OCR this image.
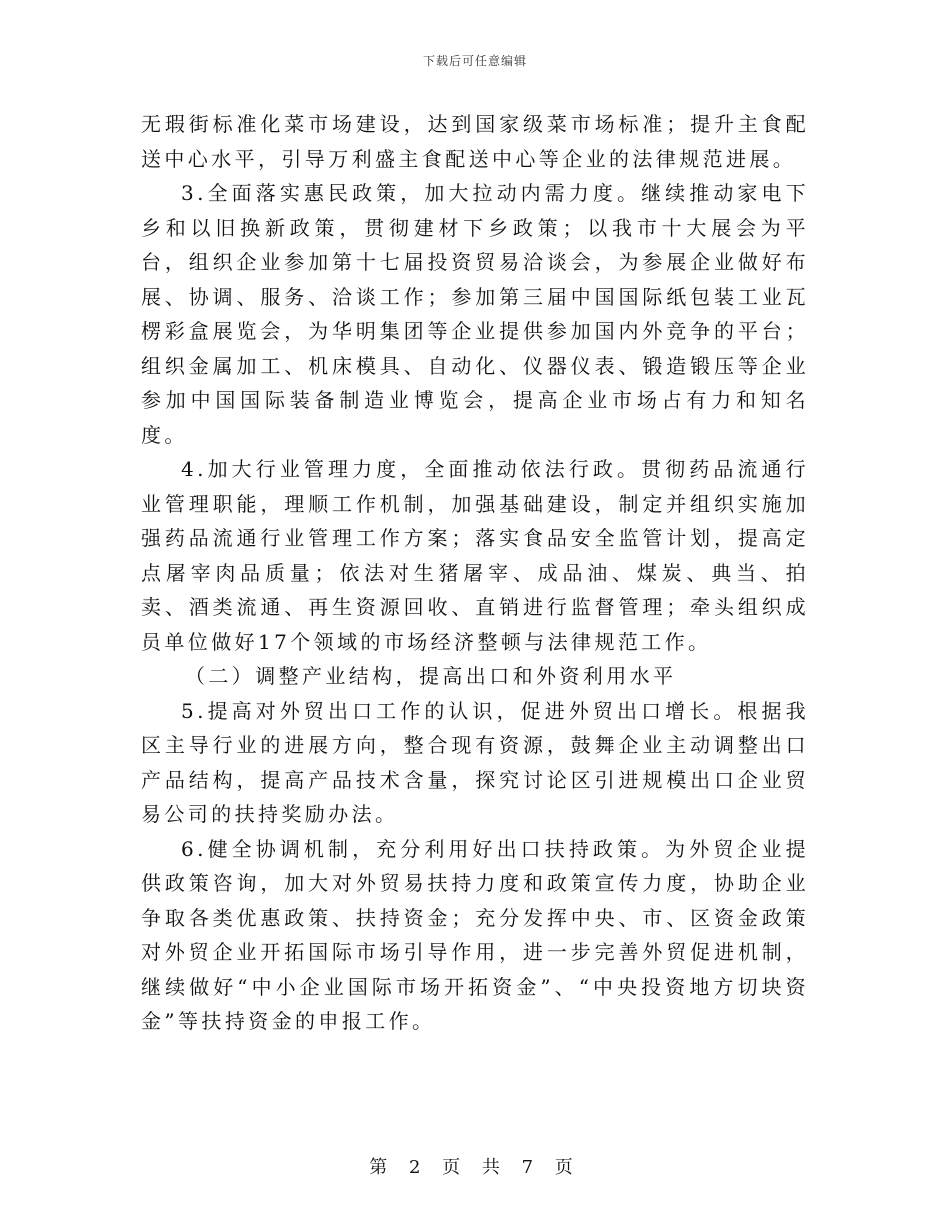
下载后可任意编辑

无瑕街标准化菜市场建设，达到国家级菜市场标准；提升主食配送中心水平，引导万利盛主食配送中心等企业的法律规范进展。

3.全面落实惠民政策，加大拉动内需力度。继续推动家电下乡和以旧换新政策，贯彻建材下乡政策；以我市十大展会为平台，组织企业参加第十七届投资贸易洽谈会，为参展企业做好布展、协调、服务、洽谈工作；参加第三届中国国际纸包装工业瓦楞彩盒展览会，为华明集团等企业提供参加国内外竞争的平台；组织金属加工、机床模具、自动化、仪器仪表、锻造锻压等企业参加中国国际装备制造业博览会，提高企业市场占有力和知名度。

4.加大行业管理力度，全面推动依法行政。贯彻药品流通行业管理职能，理顺工作机制，加强基础建设，制定并组织实施加强药品流通行业管理工作方案；落实食品安全监管计划，提高定点屠宰肉品质量；依法对生猪屠宰、成品油、煤炭、典当、拍卖、酒类流通、再生资源回收、直销进行监督管理；牵头组织成员单位做好17个领域的市场经济整顿与法律规范工作。

（二）调整产业结构，提高出口和外资利用水平

5.提高对外贸出口工作的认识，促进外贸出口增长。根据我区主导行业的进展方向，整合现有资源，鼓舞企业主动调整出口产品结构，提高产品技术含量，探究讨论区引进规模出口企业贸易公司的扶持奖励办法。

6.健全协调机制，充分利用好出口扶持政策。为外贸企业提供政策咨询，加大对外贸易扶持力度和政策宣传力度，协助企业争取各类优惠政策、扶持资金；充分发挥中央、市、区资金政策对外贸企业开拓国际市场引导作用，进一步完善外贸促进机制，继续做好“中小企业国际市场开拓资金”、“中央投资地方切块资金”等扶持资金的申报工作。

第 2 页 共 7 页
